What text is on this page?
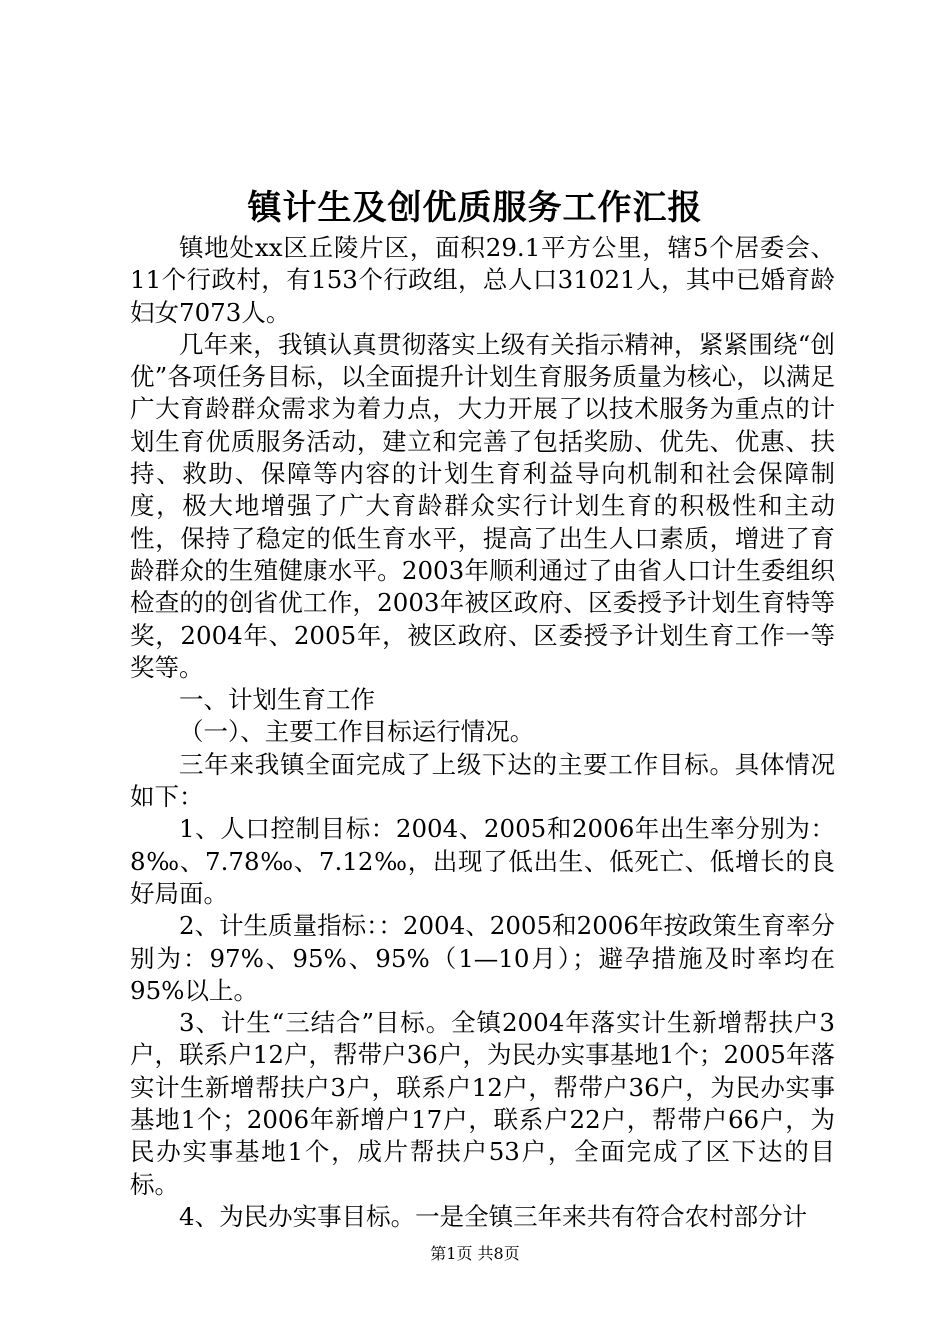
镇计生及创优质服务工作汇报

镇地处xx区丘陵片区，面积29.1平方公里，辖5个居委会、11个行政村，有153个行政组，总人口31021人，其中已婚育龄妇女7073人。

几年来，我镇认真贯彻落实上级有关指示精神，紧紧围绕“创优”各项任务目标，以全面提升计划生育服务质量为核心，以满足广大育龄群众需求为着力点，大力开展了以技术服务为重点的计划生育优质服务活动，建立和完善了包括奖励、优先、优惠、扶持、救助、保障等内容的计划生育利益导向机制和社会保障制度，极大地增强了广大育龄群众实行计划生育的积极性和主动性，保持了稳定的低生育水平，提高了出生人口素质，增进了育龄群众的生殖健康水平。2003年顺利通过了由省人口计生委组织检查的的创省优工作，2003年被区政府、区委授予计划生育特等奖，2004年、2005年，被区政府、区委授予计划生育工作一等奖等。

一、计划生育工作

（一）、主要工作目标运行情况。

三年来我镇全面完成了上级下达的主要工作目标。具体情况如下：

1、人口控制目标：2004、2005和2006年出生率分别为：8‰、7.78‰、7.12‰，出现了低出生、低死亡、低增长的良好局面。

2、计生质量指标：：2004、2005和2006年按政策生育率分别为：97%、95%、95%（1—10月）；避孕措施及时率均在95%以上。

3、计生“三结合”目标。全镇2004年落实计生新增帮扶户3户，联系户12户，帮带户36户，为民办实事基地1个；2005年落实计生新增帮扶户3户，联系户12户，帮带户36户，为民办实事基地1个；2006年新增户17户，联系户22户，帮带户66户，为民办实事基地1个，成片帮扶户53户，全面完成了区下达的目标。

4、为民办实事目标。一是全镇三年来共有符合农村部分计

第1页 共8页
